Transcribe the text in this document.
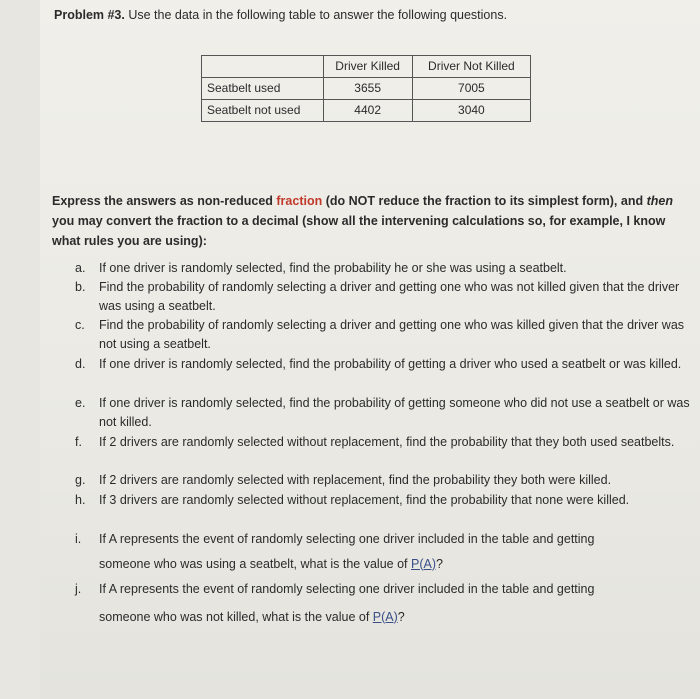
Problem #3. Use the data in the following table to answer the following questions.
	Driver Killed	Driver Not Killed
Seatbelt used	3655	7005
Seatbelt not used	4402	3040
Express the answers as non-reduced fraction (do NOT reduce the fraction to its simplest form), and then you may convert the fraction to a decimal (show all the intervening calculations so, for example, I know what rules you are using):
a.	If one driver is randomly selected, find the probability he or she was using a seatbelt.
b.	Find the probability of randomly selecting a driver and getting one who was not killed given that the driver was using a seatbelt.
c.	Find the probability of randomly selecting a driver and getting one who was killed given that the driver was not using a seatbelt.
d.	If one driver is randomly selected, find the probability of getting a driver who used a seatbelt or was killed.
e.	If one driver is randomly selected, find the probability of getting someone who did not use a seatbelt or was not killed.
f.	If 2 drivers are randomly selected without replacement, find the probability that they both used seatbelts.
g.	If 2 drivers are randomly selected with replacement, find the probability they both were killed.
h.	If 3 drivers are randomly selected without replacement, find the probability that none were killed.
i.	If A represents the event of randomly selecting one driver included in the table and getting
someone who was using a seatbelt, what is the value of P(A)?
j.	If A represents the event of randomly selecting one driver included in the table and getting
someone who was not killed, what is the value of P(A)?
